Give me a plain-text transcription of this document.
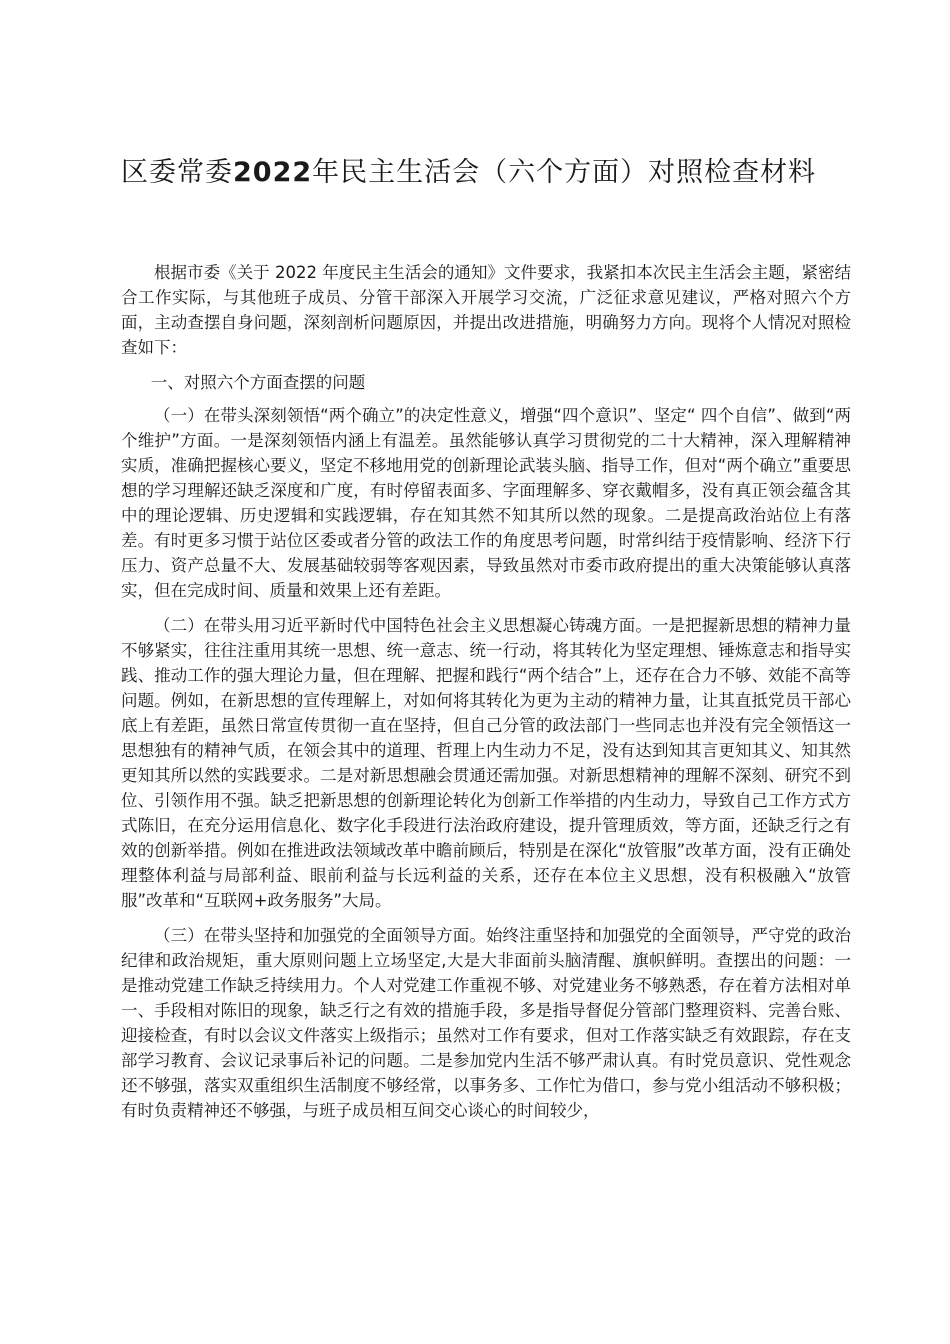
区委常委2022年民主生活会（六个方面）对照检查材料

根据市委《关于 2022 年度民主生活会的通知》文件要求，我紧扣本次民主生活会主题，紧密结合工作实际，与其他班子成员、分管干部深入开展学习交流，广泛征求意见建议，严格对照六个方面，主动查摆自身问题，深刻剖析问题原因，并提出改进措施，明确努力方向。现将个人情况对照检查如下：

一、对照六个方面查摆的问题

（一）在带头深刻领悟“两个确立”的决定性意义，增强“四个意识”、坚定“ 四个自信”、做到“两个维护”方面。一是深刻领悟内涵上有温差。虽然能够认真学习贯彻党的二十大精神，深入理解精神实质，准确把握核心要义，坚定不移地用党的创新理论武装头脑、指导工作，但对“两个确立”重要思想的学习理解还缺乏深度和广度，有时停留表面多、字面理解多、穿衣戴帽多，没有真正领会蕴含其中的理论逻辑、历史逻辑和实践逻辑，存在知其然不知其所以然的现象。二是提高政治站位上有落差。有时更多习惯于站位区委或者分管的政法工作的角度思考问题，时常纠结于疫情影响、经济下行压力、资产总量不大、发展基础较弱等客观因素，导致虽然对市委市政府提出的重大决策能够认真落实，但在完成时间、质量和效果上还有差距。

（二）在带头用习近平新时代中国特色社会主义思想凝心铸魂方面。一是把握新思想的精神力量不够紧实，往往注重用其统一思想、统一意志、统一行动，将其转化为坚定理想、锤炼意志和指导实践、推动工作的强大理论力量，但在理解、把握和践行“两个结合”上，还存在合力不够、效能不高等问题。例如，在新思想的宣传理解上，对如何将其转化为更为主动的精神力量，让其直抵党员干部心底上有差距，虽然日常宣传贯彻一直在坚持，但自己分管的政法部门一些同志也并没有完全领悟这一思想独有的精神气质，在领会其中的道理、哲理上内生动力不足，没有达到知其言更知其义、知其然更知其所以然的实践要求。二是对新思想融会贯通还需加强。对新思想精神的理解不深刻、研究不到位、引领作用不强。缺乏把新思想的创新理论转化为创新工作举措的内生动力，导致自己工作方式方式陈旧，在充分运用信息化、数字化手段进行法治政府建设，提升管理质效，等方面，还缺乏行之有效的创新举措。例如在推进政法领域改革中瞻前顾后，特别是在深化“放管服”改革方面，没有正确处理整体利益与局部利益、眼前利益与长远利益的关系，还存在本位主义思想，没有积极融入“放管服”改革和“互联网+政务服务”大局。

（三）在带头坚持和加强党的全面领导方面。始终注重坚持和加强党的全面领导，严守党的政治纪律和政治规矩，重大原则问题上立场坚定,大是大非面前头脑清醒、旗帜鲜明。查摆出的问题：一是推动党建工作缺乏持续用力。个人对党建工作重视不够、对党建业务不够熟悉，存在着方法相对单一、手段相对陈旧的现象，缺乏行之有效的措施手段，多是指导督促分管部门整理资料、完善台账、迎接检查，有时以会议文件落实上级指示；虽然对工作有要求，但对工作落实缺乏有效跟踪，存在支部学习教育、会议记录事后补记的问题。二是参加党内生活不够严肃认真。有时党员意识、党性观念还不够强，落实双重组织生活制度不够经常，以事务多、工作忙为借口，参与党小组活动不够积极；有时负责精神还不够强，与班子成员相互间交心谈心的时间较少，
